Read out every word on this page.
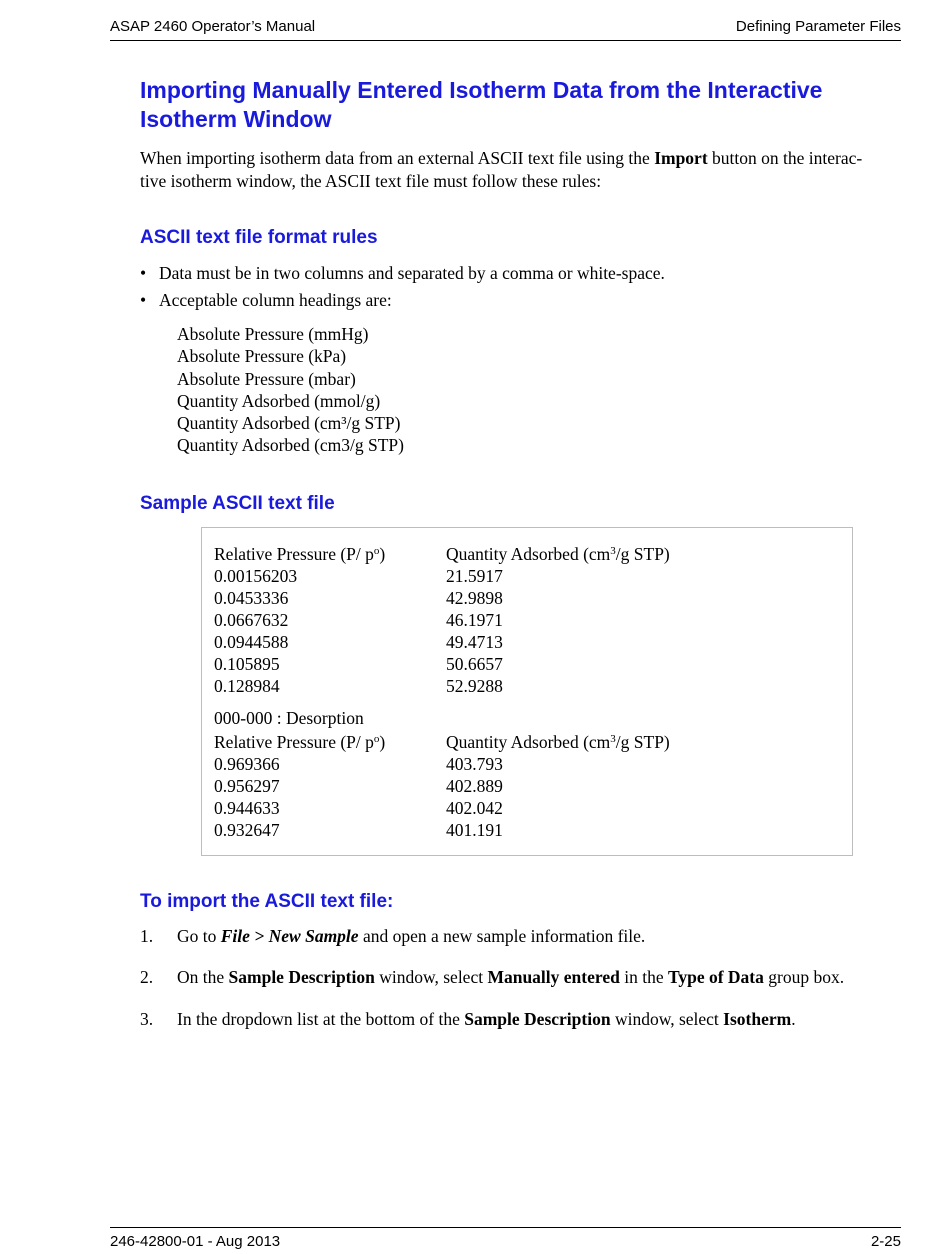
ASAP 2460 Operator’s Manual	Defining Parameter Files
Importing Manually Entered Isotherm Data from the Interactive
Isotherm Window

When importing isotherm data from an external ASCII text file using the Import button on the interac-
tive isotherm window, the ASCII text file must follow these rules:

ASCII text file format rules
• Data must be in two columns and separated by a comma or white-space.
• Acceptable column headings are:
Absolute Pressure (mmHg)
Absolute Pressure (kPa)
Absolute Pressure (mbar)
Quantity Adsorbed (mmol/g)
Quantity Adsorbed (cm³/g STP)
Quantity Adsorbed (cm3/g STP)
Sample ASCII text file
Relative Pressure (P/ $p^o$)	Quantity Adsorbed ($cm^3/g$ STP)
0.00156203	21.5917
0.0453336	42.9898
0.0667632	46.1971
0.0944588	49.4713
0.105895	50.6657
0.128984	52.9288
000-000 : Desorption
Relative Pressure (P/ $p^o$)	Quantity Adsorbed ($cm^3/g$ STP)
0.969366	403.793
0.956297	402.889
0.944633	402.042
0.932647	401.191
To import the ASCII text file:
1. Go to File > New Sample and open a new sample information file.
2. On the Sample Description window, select Manually entered in the Type of Data group box.
3. In the dropdown list at the bottom of the Sample Description window, select Isotherm.
246-42800-01 - Aug 2013	2-25
